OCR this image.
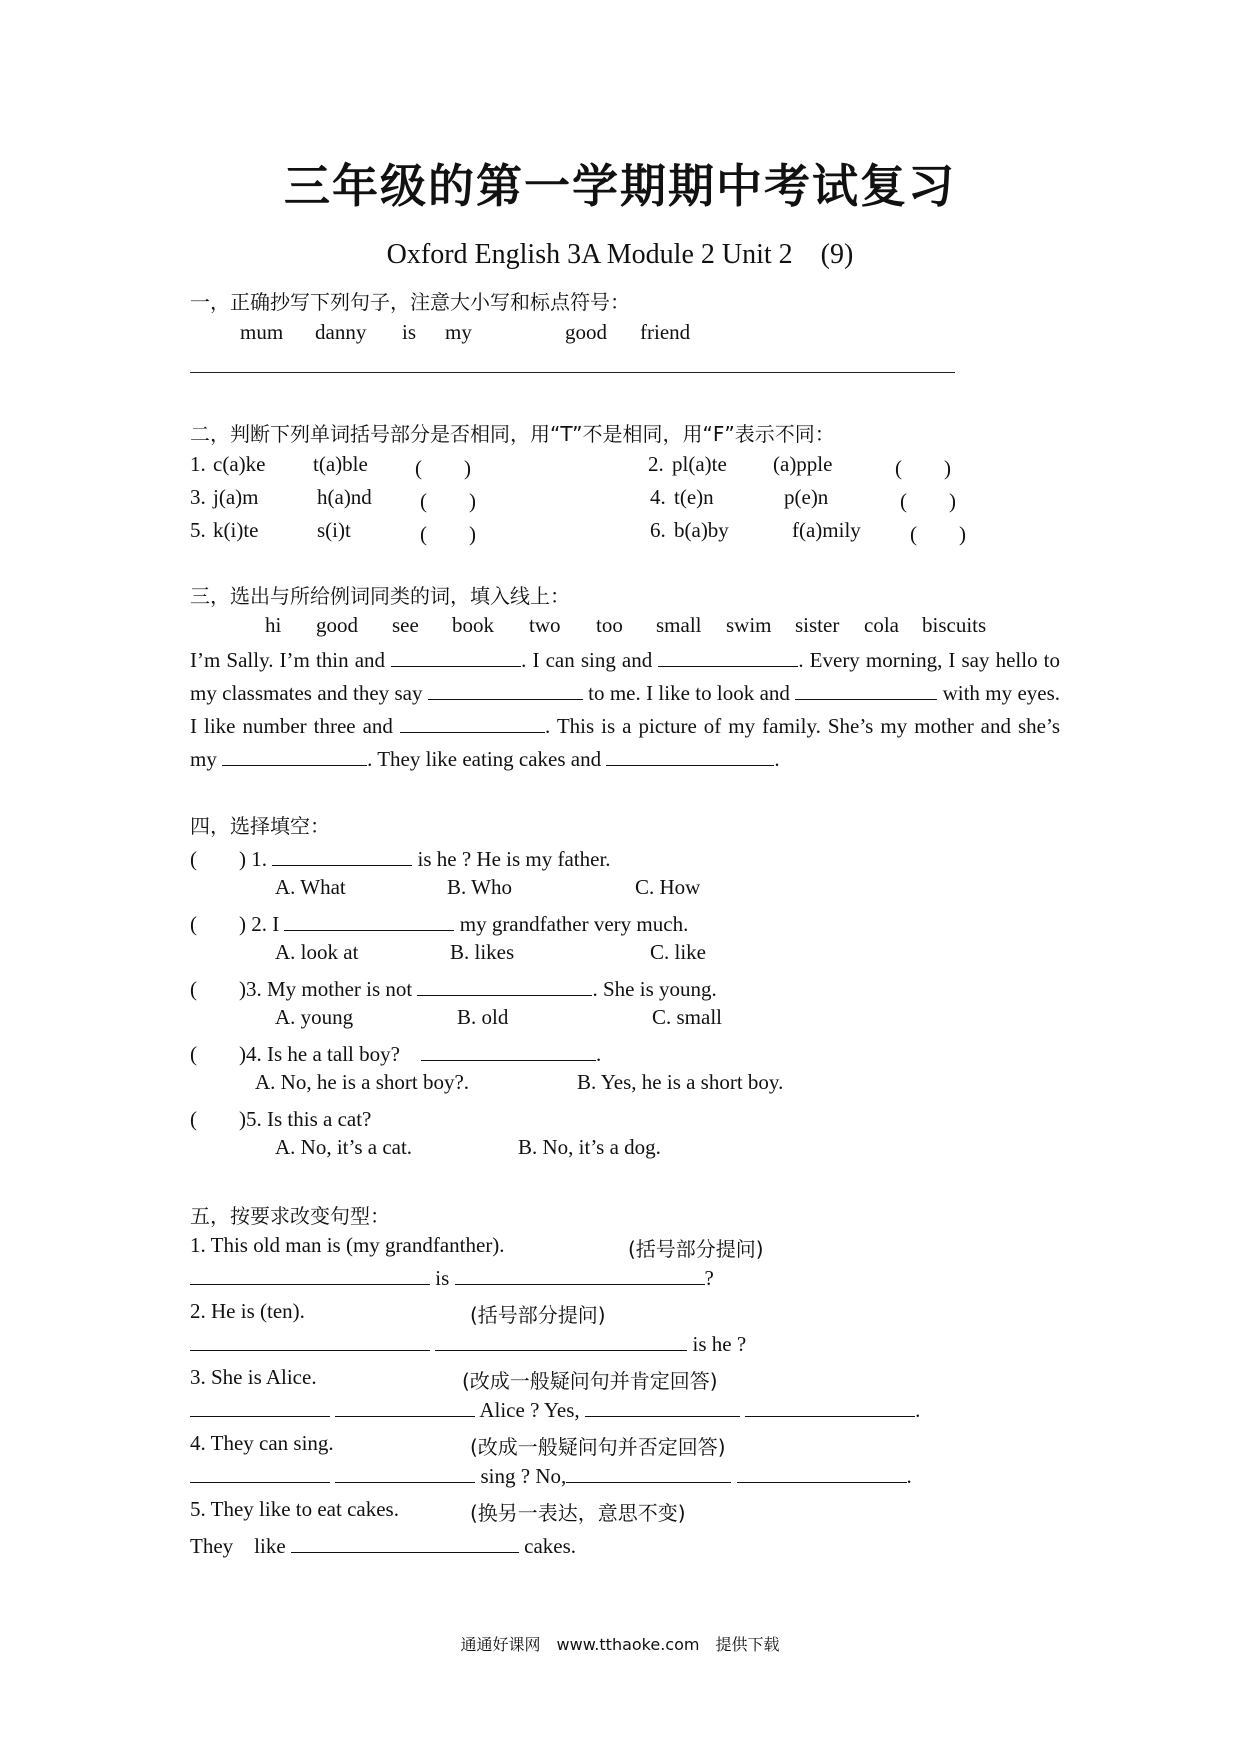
三年级的第一学期期中考试复习
Oxford English 3A Module 2 Unit 2　(9)
一，正确抄写下列句子，注意大小写和标点符号：
mum danny is my	good friend
二，判断下列单词括号部分是否相同，用“T”不是相同，用“F”表示不同：
1. c(a)ke t(a)ble (　　)	2. pl(a)te (a)pple	(　　)
3. j(a)m	h(a)nd (　　)	4. t(e)n	p(e)n	(　　)
5. k(i)te	s(i)t	(　　)	6. b(a)by	f(a)mily (　　)
三，选出与所给例词同类的词，填入线上：
hi good see book two too small swim sister cola biscuits
I’m Sally. I’m thin and	. I can sing and	. Every morning, I say hello to my classmates and they say	to me. I like to look and	with my eyes. I like number three and	. This is a picture of my family. She’s my mother and she’s my	. They like eating cakes and	.
四，选择填空：
(　　) 1.	is he ? He is my father.
A. What	B. Who	C. How
(　　) 2. I	my grandfather very much.
A. look at	B. likes	C. like
(　　)3. My mother is not	. She is young.
A. young	B. old	C. small
(　　)4. Is he a tall boy?　	.
A. No, he is a short boy?.	B. Yes, he is a short boy.
(　　)5. Is this a cat?
A. No, it’s a cat.	B. No, it’s a dog.
五，按要求改变句型：
1. This old man is (my grandfanther).	(括号部分提问)
is	?
2. He is (ten).	(括号部分提问)
is he ?
3. She is Alice.	(改成一般疑问句并肯定回答)
Alice ? Yes,	.
4. They can sing.	(改成一般疑问句并否定回答)
sing ? No,	.
5. They like to eat cakes.	(换另一表达，意思不变)
They　like	cakes.
通通好课网　www.tthaoke.com　提供下载
